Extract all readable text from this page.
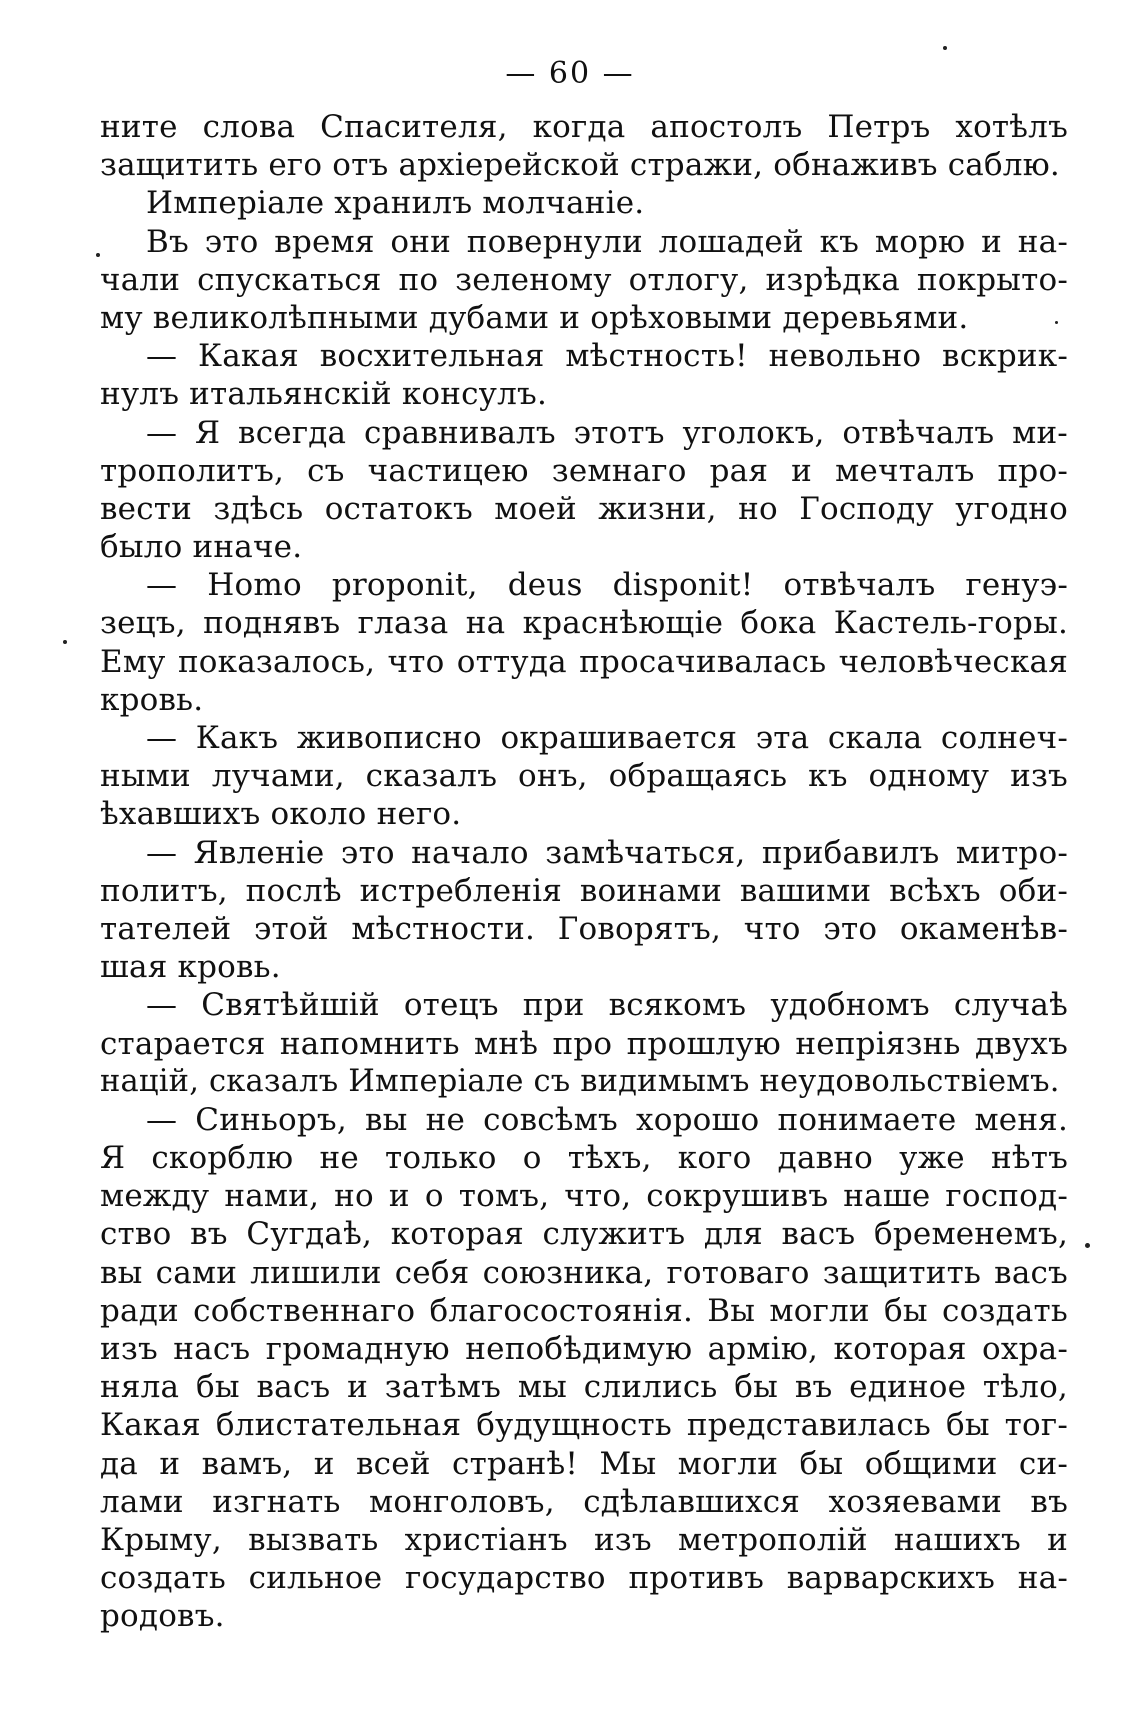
— 60 —
ните слова Спасителя, когда апостолъ Петръ хотѣлъ
защитить его отъ архіерейской стражи, обнаживъ саблю.
Имперіале хранилъ молчаніе.
Въ это время они повернули лошадей къ морю и на-
чали спускаться по зеленому отлогу, изрѣдка покрыто-
му великолѣпными дубами и орѣховыми деревьями.
— Какая восхительная мѣстность! невольно вскрик-
нулъ итальянскій консулъ.
— Я всегда сравнивалъ этотъ уголокъ, отвѣчалъ ми-
трополитъ, съ частицею земнаго рая и мечталъ про-
вести здѣсь остатокъ моей жизни, но Господу угодно
было иначе.
— Homo proponit, deus disponit! отвѣчалъ генуэ-
зецъ, поднявъ глаза на краснѣющіе бока Кастель-горы.
Ему показалось, что оттуда просачивалась человѣческая
кровь.
— Какъ живописно окрашивается эта скала солнеч-
ными лучами, сказалъ онъ, обращаясь къ одному изъ
ѣхавшихъ около него.
— Явленіе это начало замѣчаться, прибавилъ митро-
политъ, послѣ истребленія воинами вашими всѣхъ оби-
тателей этой мѣстности. Говорятъ, что это окаменѣв-
шая кровь.
— Святѣйшій отецъ при всякомъ удобномъ случаѣ
старается напомнить мнѣ про прошлую непріязнь двухъ
націй, сказалъ Имперіале съ видимымъ неудовольствіемъ.
— Синьоръ, вы не совсѣмъ хорошо понимаете меня.
Я скорблю не только о тѣхъ, кого давно уже нѣтъ
между нами, но и о томъ, что, сокрушивъ наше господ-
ство въ Сугдаѣ, которая служитъ для васъ бременемъ,
вы сами лишили себя союзника, готоваго защитить васъ
ради собственнаго благосостоянія. Вы могли бы создать
изъ насъ громадную непобѣдимую армію, которая охра-
няла бы васъ и затѣмъ мы слились бы въ единое тѣло,
Какая блистательная будущность представилась бы тог-
да и вамъ, и всей странѣ! Мы могли бы общими си-
лами изгнать монголовъ, сдѣлавшихся хозяевами въ
Крыму, вызвать христіанъ изъ метрополій нашихъ и
создать сильное государство противъ варварскихъ на-
родовъ.
